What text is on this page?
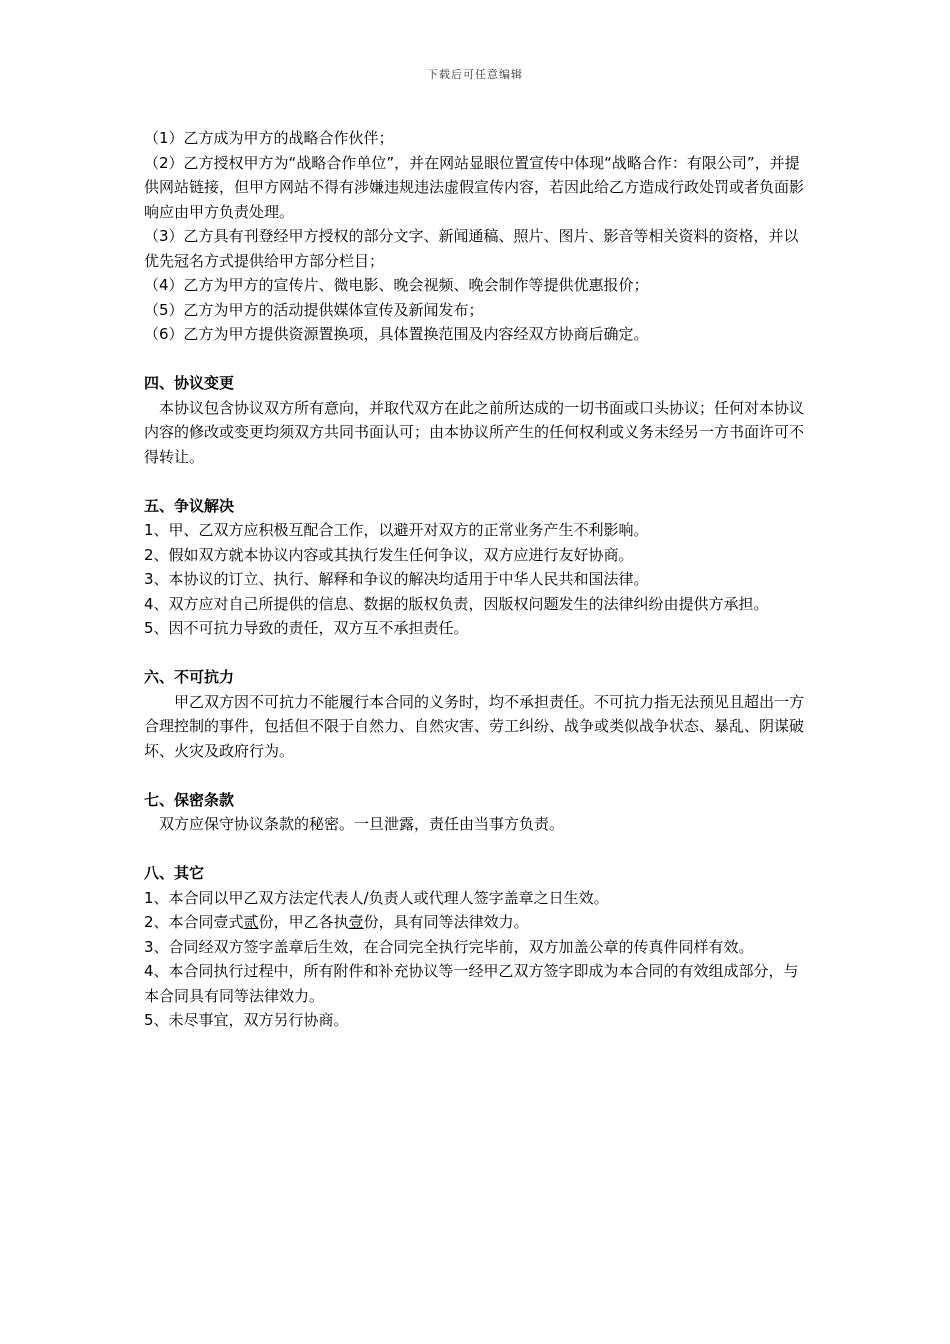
下载后可任意编辑

（1）乙方成为甲方的战略合作伙伴；

（2）乙方授权甲方为“战略合作单位”，并在网站显眼位置宣传中体现“战略合作：有限公司”，并提供网站链接，但甲方网站不得有涉嫌违规违法虚假宣传内容，若因此给乙方造成行政处罚或者负面影响应由甲方负责处理。

（3）乙方具有刊登经甲方授权的部分文字、新闻通稿、照片、图片、影音等相关资料的资格，并以优先冠名方式提供给甲方部分栏目；

（4）乙方为甲方的宣传片、微电影、晚会视频、晚会制作等提供优惠报价；

（5）乙方为甲方的活动提供媒体宣传及新闻发布；

（6）乙方为甲方提供资源置换项，具体置换范围及内容经双方协商后确定。

四、协议变更

　本协议包含协议双方所有意向，并取代双方在此之前所达成的一切书面或口头协议；任何对本协议内容的修改或变更均须双方共同书面认可；由本协议所产生的任何权利或义务未经另一方书面许可不得转让。

五、争议解决

1、甲、乙双方应积极互配合工作，以避开对双方的正常业务产生不利影响。

2、假如双方就本协议内容或其执行发生任何争议，双方应进行友好协商。

3、本协议的订立、执行、解释和争议的解决均适用于中华人民共和国法律。

4、双方应对自己所提供的信息、数据的版权负责，因版权问题发生的法律纠纷由提供方承担。

5、因不可抗力导致的责任，双方互不承担责任。

六、不可抗力

　　甲乙双方因不可抗力不能履行本合同的义务时，均不承担责任。不可抗力指无法预见且超出一方合理控制的事件，包括但不限于自然力、自然灾害、劳工纠纷、战争或类似战争状态、暴乱、阴谋破坏、火灾及政府行为。

七、保密条款

　双方应保守协议条款的秘密。一旦泄露，责任由当事方负责。

八、其它

1、本合同以甲乙双方法定代表人/负责人或代理人签字盖章之日生效。

2、本合同壹式贰份，甲乙各执壹份，具有同等法律效力。

3、合同经双方签字盖章后生效，在合同完全执行完毕前，双方加盖公章的传真件同样有效。

4、本合同执行过程中，所有附件和补充协议等一经甲乙双方签字即成为本合同的有效组成部分，与本合同具有同等法律效力。

5、未尽事宜，双方另行协商。
